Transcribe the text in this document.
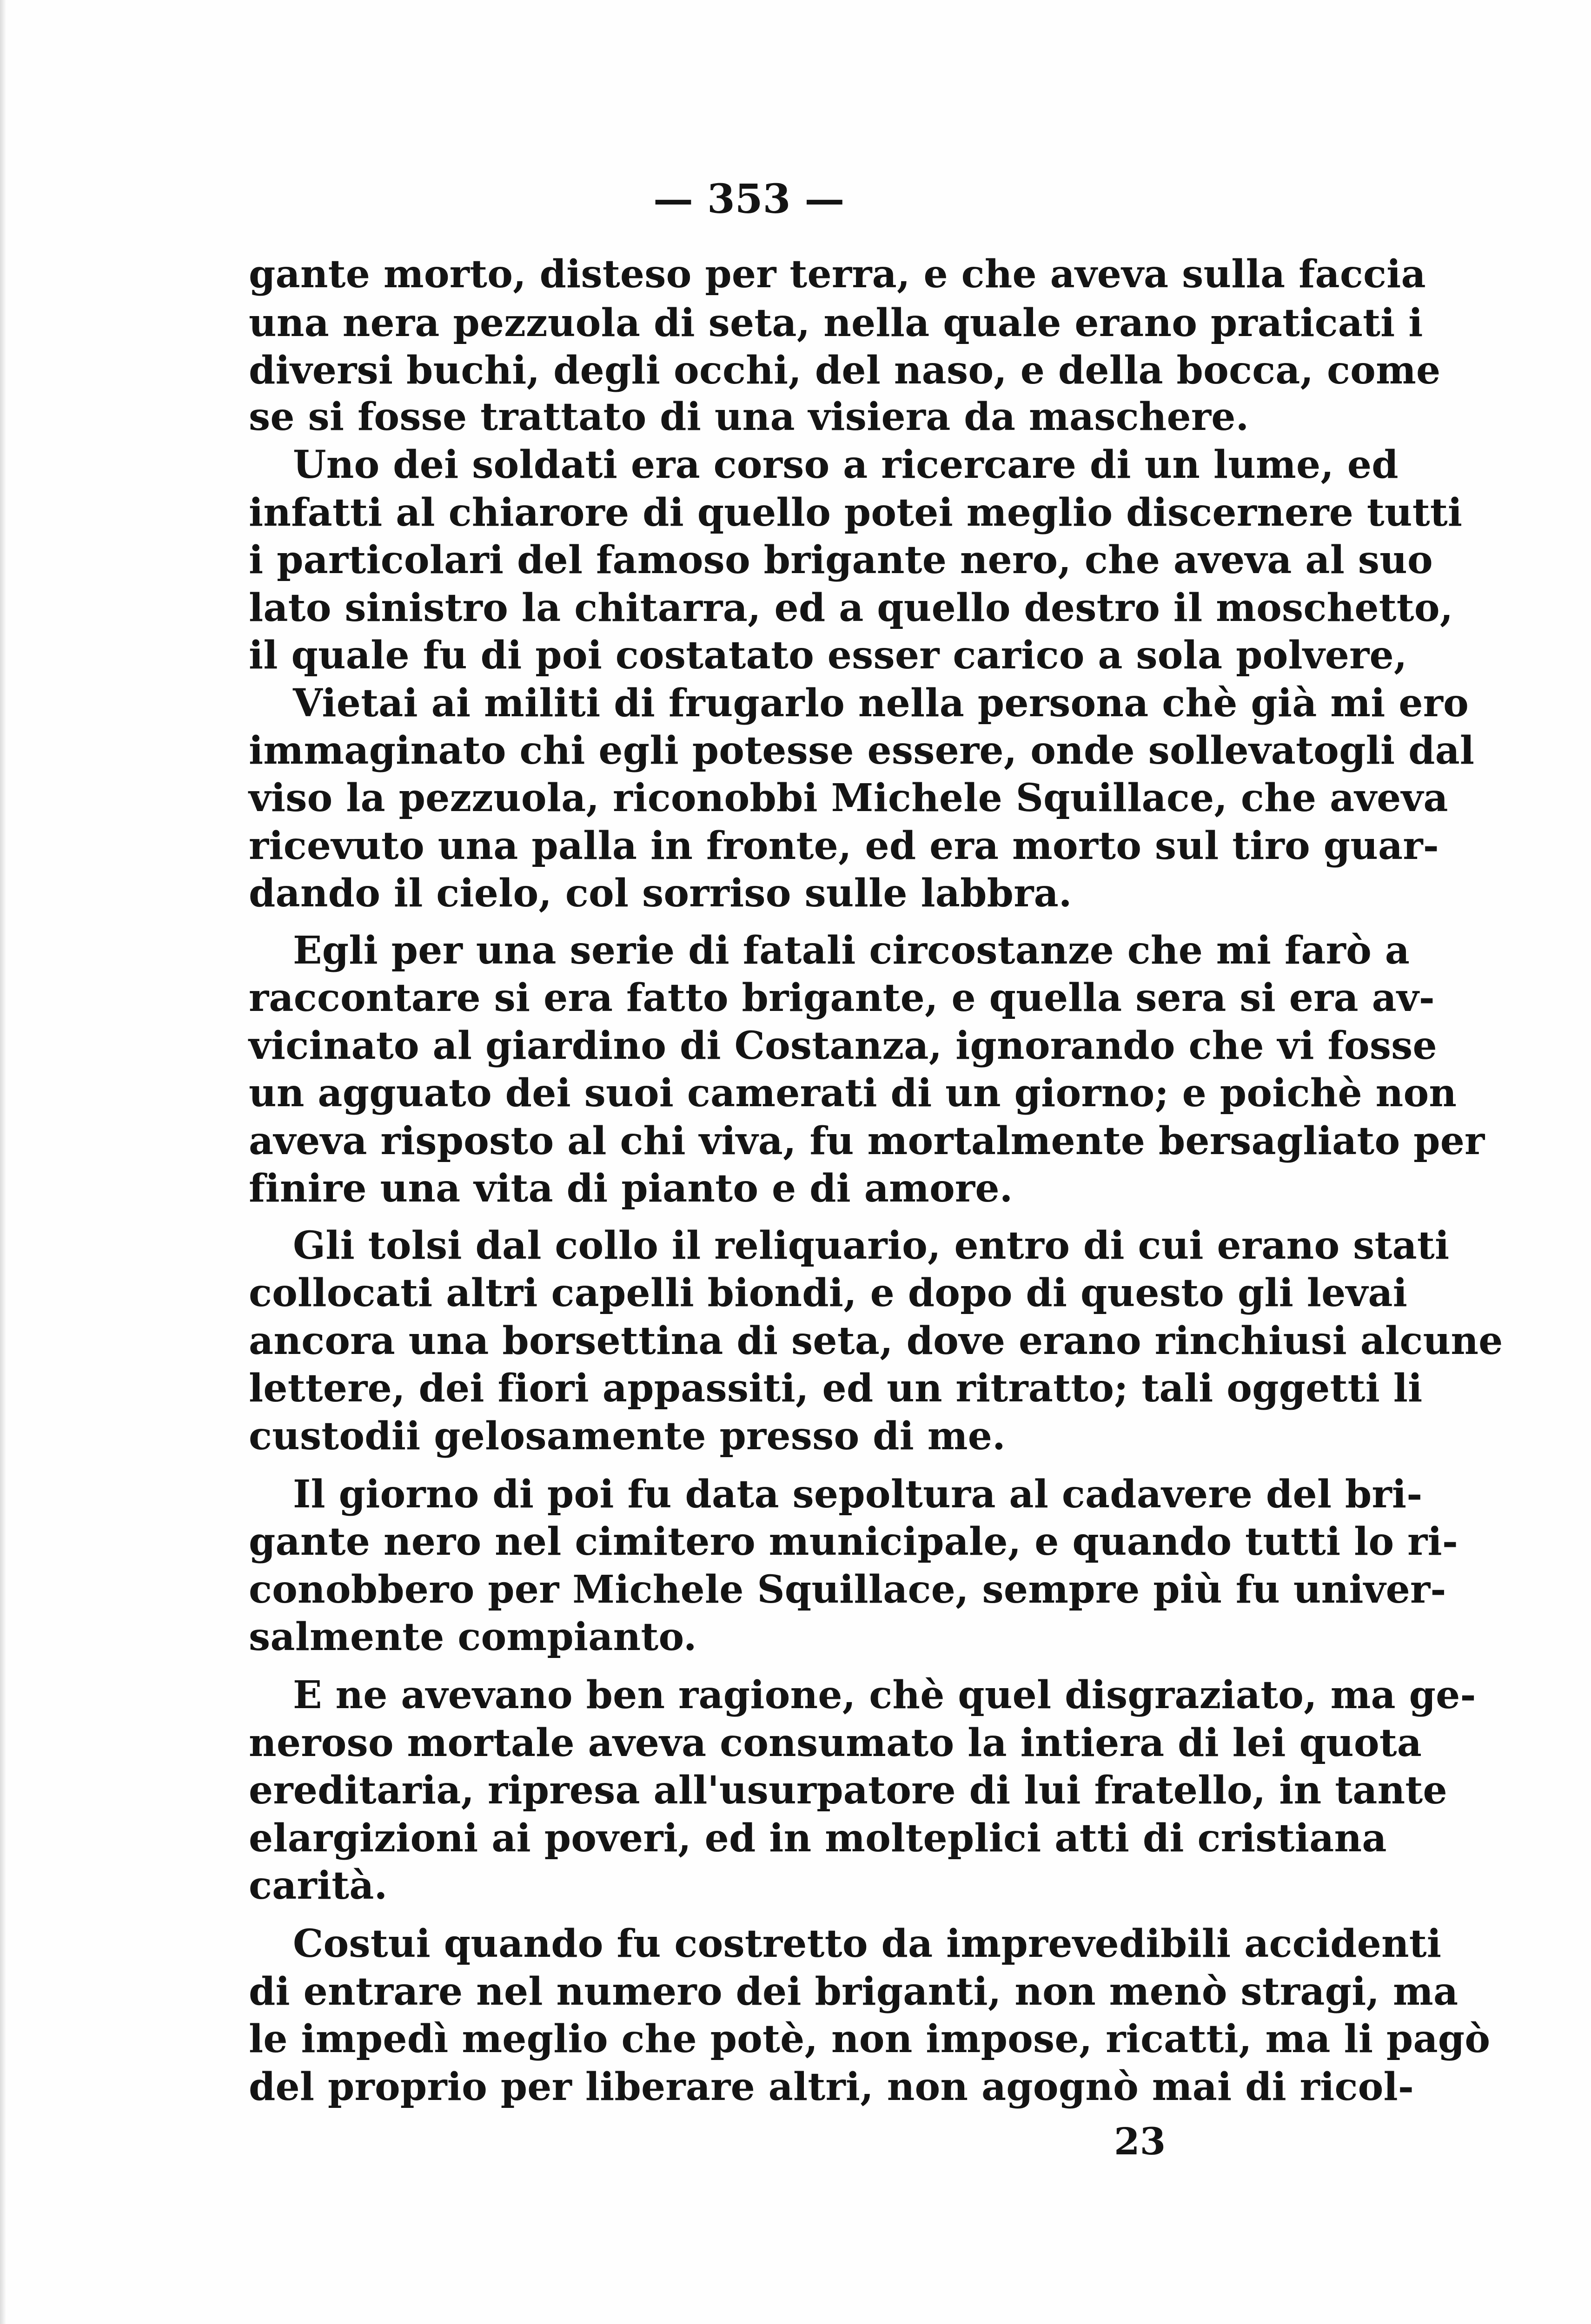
— 353 —
gante morto, disteso per terra, e che aveva sulla faccia
una nera pezzuola di seta, nella quale erano praticati i
diversi buchi, degli occhi, del naso, e della bocca, come
se si fosse trattato di una visiera da maschere.
Uno dei soldati era corso a ricercare di un lume, ed
infatti al chiarore di quello potei meglio discernere tutti
i particolari del famoso brigante nero, che aveva al suo
lato sinistro la chitarra, ed a quello destro il moschetto,
il quale fu di poi costatato esser carico a sola polvere,
Vietai ai militi di frugarlo nella persona chè già mi ero
immaginato chi egli potesse essere, onde sollevatogli dal
viso la pezzuola, riconobbi Michele Squillace, che aveva
ricevuto una palla in fronte, ed era morto sul tiro guar-
dando il cielo, col sorriso sulle labbra.
Egli per una serie di fatali circostanze che mi farò a
raccontare si era fatto brigante, e quella sera si era av-
vicinato al giardino di Costanza, ignorando che vi fosse
un agguato dei suoi camerati di un giorno; e poichè non
aveva risposto al chi viva, fu mortalmente bersagliato per
finire una vita di pianto e di amore.
Gli tolsi dal collo il reliquario, entro di cui erano stati
collocati altri capelli biondi, e dopo di questo gli levai
ancora una borsettina di seta, dove erano rinchiusi alcune
lettere, dei fiori appassiti, ed un ritratto; tali oggetti li
custodii gelosamente presso di me.
Il giorno di poi fu data sepoltura al cadavere del bri-
gante nero nel cimitero municipale, e quando tutti lo ri-
conobbero per Michele Squillace, sempre più fu univer-
salmente compianto.
E ne avevano ben ragione, chè quel disgraziato, ma ge-
neroso mortale aveva consumato la intiera di lei quota
ereditaria, ripresa all'usurpatore di lui fratello, in tante
elargizioni ai poveri, ed in molteplici atti di cristiana
carità.
Costui quando fu costretto da imprevedibili accidenti
di entrare nel numero dei briganti, non menò stragi, ma
le impedì meglio che potè, non impose, ricatti, ma li pagò
del proprio per liberare altri, non agognò mai di ricol-
23
